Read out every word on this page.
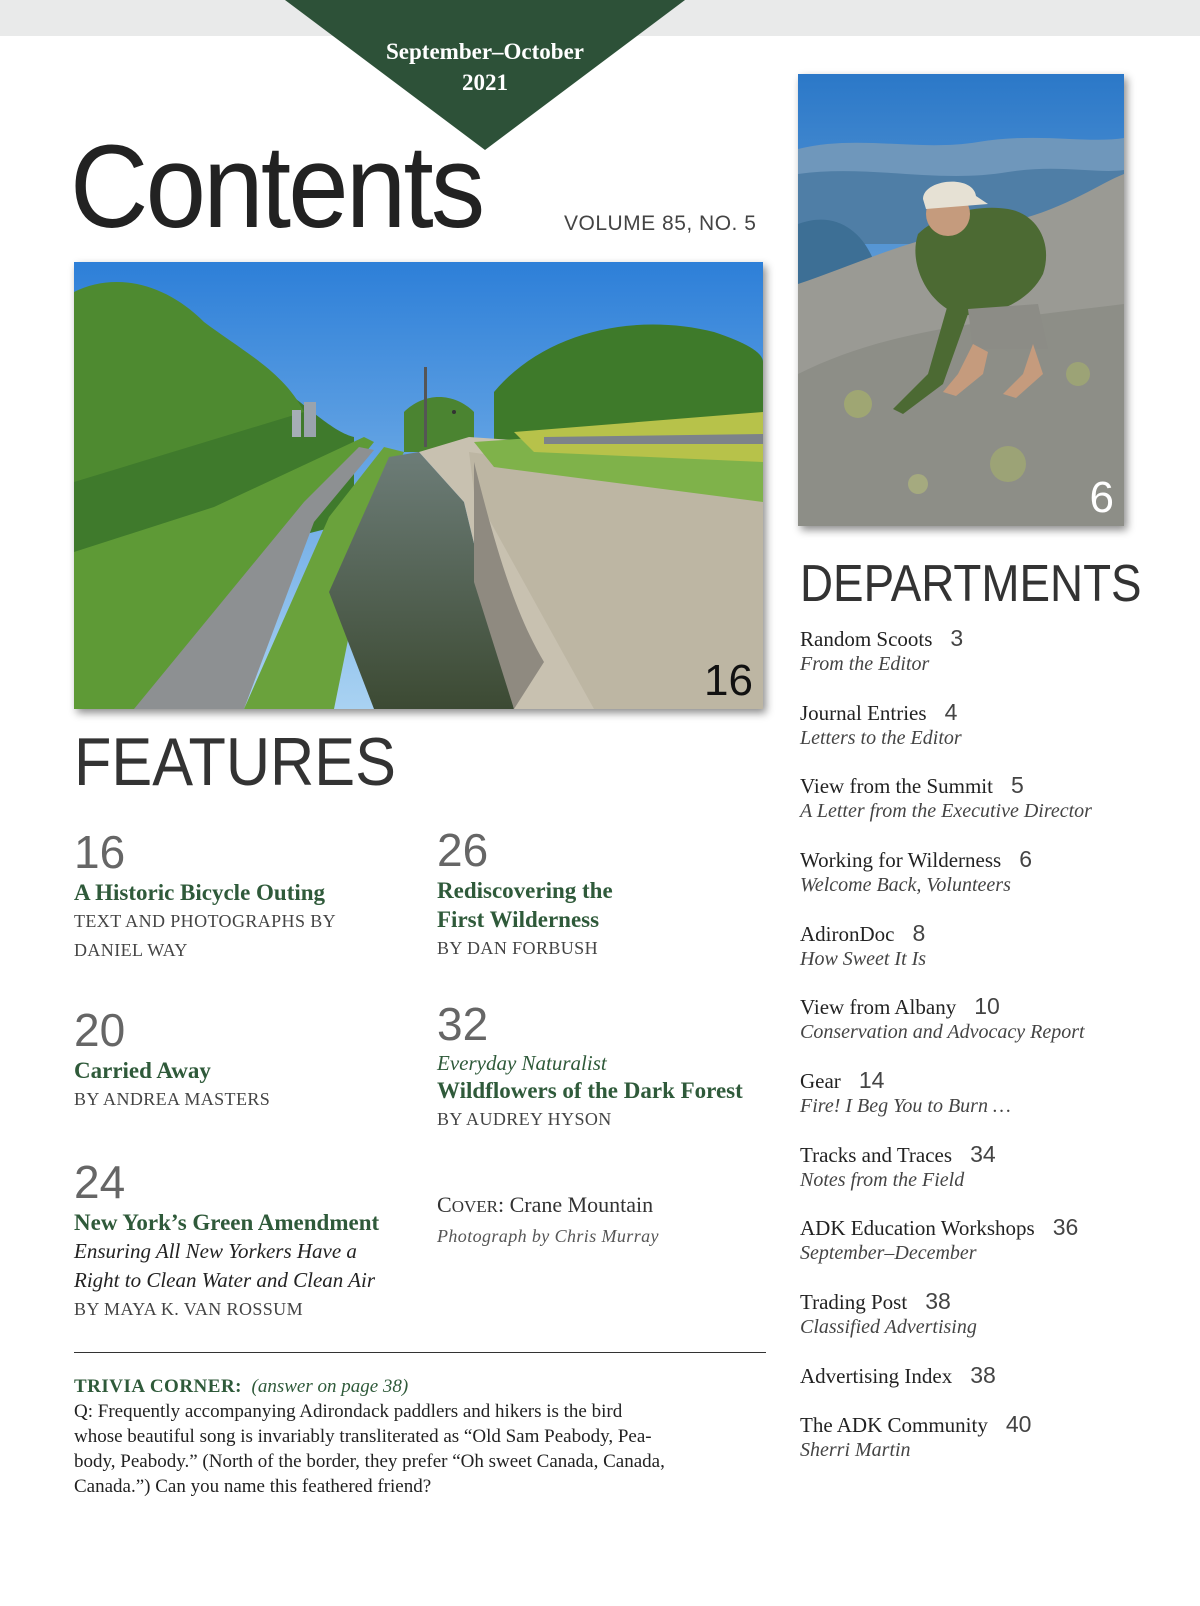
September–October
2021
Contents	VOLUME 85, NO. 5
16
6
FEATURES
DEPARTMENTS
16
A Historic Bicycle Outing
TEXT AND PHOTOGRAPHS BY
DANIEL WAY
20
Carried Away
BY ANDREA MASTERS
24
New York’s Green Amendment
Ensuring All New Yorkers Have a
Right to Clean Water and Clean Air
BY MAYA K. VAN ROSSUM
26
Rediscovering the
First Wilderness
BY DAN FORBUSH
32
Everyday Naturalist
Wildflowers of the Dark Forest
BY AUDREY HYSON
COVER: Crane Mountain
Photograph by Chris Murray
TRIVIA CORNER: (answer on page 38)
Q: Frequently accompanying Adirondack paddlers and hikers is the bird
whose beautiful song is invariably transliterated as “Old Sam Peabody, Pea-
body, Peabody.” (North of the border, they prefer “Oh sweet Canada, Canada,
Canada.”) Can you name this feathered friend?
Random Scoots 3
From the Editor
Journal Entries 4
Letters to the Editor
View from the Summit 5
A Letter from the Executive Director
Working for Wilderness 6
Welcome Back, Volunteers
AdironDoc 8
How Sweet It Is
View from Albany 10
Conservation and Advocacy Report
Gear 14
Fire! I Beg You to Burn …
Tracks and Traces 34
Notes from the Field
ADK Education Workshops 36
September–December
Trading Post 38
Classified Advertising
Advertising Index 38
The ADK Community 40
Sherri Martin
